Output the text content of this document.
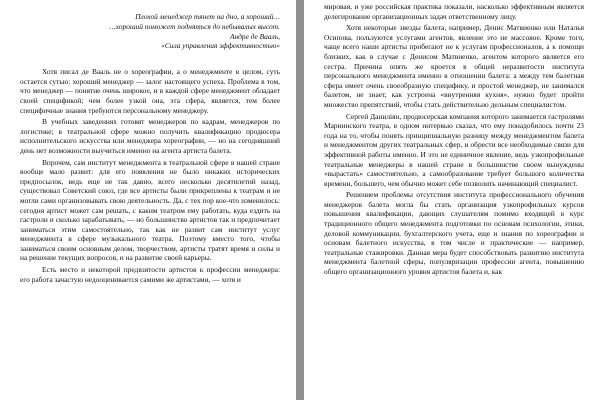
Плохой менеджер тянет на дно, а хороший…
…хороший поможет подняться до небывалых высот.
Андре де Вааль,
«Сила управления эффективностью»

Хотя писал де Вааль не о хореографии, а о менеджменте в целом, суть остается сутью: хороший менеджер — залог настоящего успеха. Проблема в том, что менеджер — понятие очень широкое, и в каждой сфере менеджмент обладает своей спецификой; чем более узкой она, эта сфера, является, тем более специфичные знания требуются персональному менеджеру.

В учебных заведениях готовят менеджеров по кадрам, менеджеров по логистике; в театральной сфере можно получить квалификацию продюсера исполнительского искусства или менеджера хореографии, — но на сегодняшний день нет возможности выучиться именно на агента артиста балета.

Впрочем, сам институт менеджмента в театральной сфере в нашей стране вообще мало развит: для его появления не было никаких исторических предпосылок, ведь еще не так давно, всего несколько десятилетий назад, существовал Советский союз, где все артисты были прикреплены к театрам и не могли сами организовывать свою деятельность. Да, с тех пор кое-что изменилось: сегодня артист может сам решать, с каким театром ему работать, куда ездить на гастроли и сколько зарабатывать, — но большинство артистов так и предпочитает заниматься этим самостоятельно, так как не развит сам институт услуг менеджмента в сфере музыкального театра. Поэтому вместо того, чтобы заниматься своим основным делом, творчеством, артисты тратят время и силы и на решение текущих вопросов, и на развитие своей карьеры.

Есть место и некоторой предвзятости артистов к профессии менеджера: его работа зачастую недооценивается самими же артистами, — хотя и

мировая, и уже российская практика показали, насколько эффективным является делегирование организационных задач ответственному лицу.

Хотя некоторые звезды балета, например, Денис Матвиенко или Наталья Осипова, пользуются услугами агентов, явление это не массовое. Кроме того, чаще всего наши артисты прибегают не к услугам профессионалов, а к помощи близких, как в случае с Денисом Матвиенко, агентом которого является его сестра. Причина опять же кроется в общей неразвитости института персонального менеджмента именно в отношении балета: а между тем балетная сфера имеет очень своеобразную специфику, и простой менеджер, не занимался балетом, не знает, как устроена «внутренняя кухня», нужно будет пройти множество препятствий, чтобы стать действительно дельным специалистом.

Сергей Даниліян, продюсерская компания которого занимается гастролями Мариинского театра, в одном интервью сказал, что ему понадобилось почти 23 года на то, чтобы понять принципиальную разницу между менеджментом балета и менеджментом других театральных сфер, и обрести все необходимые связи для эффективной работы именно. И это не единичное явление, ведь узкопрофильные театральные менеджеры в нашей стране в большинстве своем вынуждены «вырастать» самостоятельно, а самообразование требует большого количества времени, большего, чем обычно может себе позволить начинающий специалист.

Решением проблемы отсутствия института профессионального обучения менеджеров балета могла бы стать организация узкопрофильных курсов повышения квалификации, дающих слушателям помимо входящей в курс традиционного общего менеджмента подготовки по основам психологии, этики, деловой коммуникации, бухгалтерского учета, еще и знания по хореографии и основам балетного искусства, в том числе и практические — например, театральные стажировки. Данная мера будет способствовать развитию института менеджмента балетной сферы, популяризации профессии агента, повышению общего организационного уровня артистов балета и, как
